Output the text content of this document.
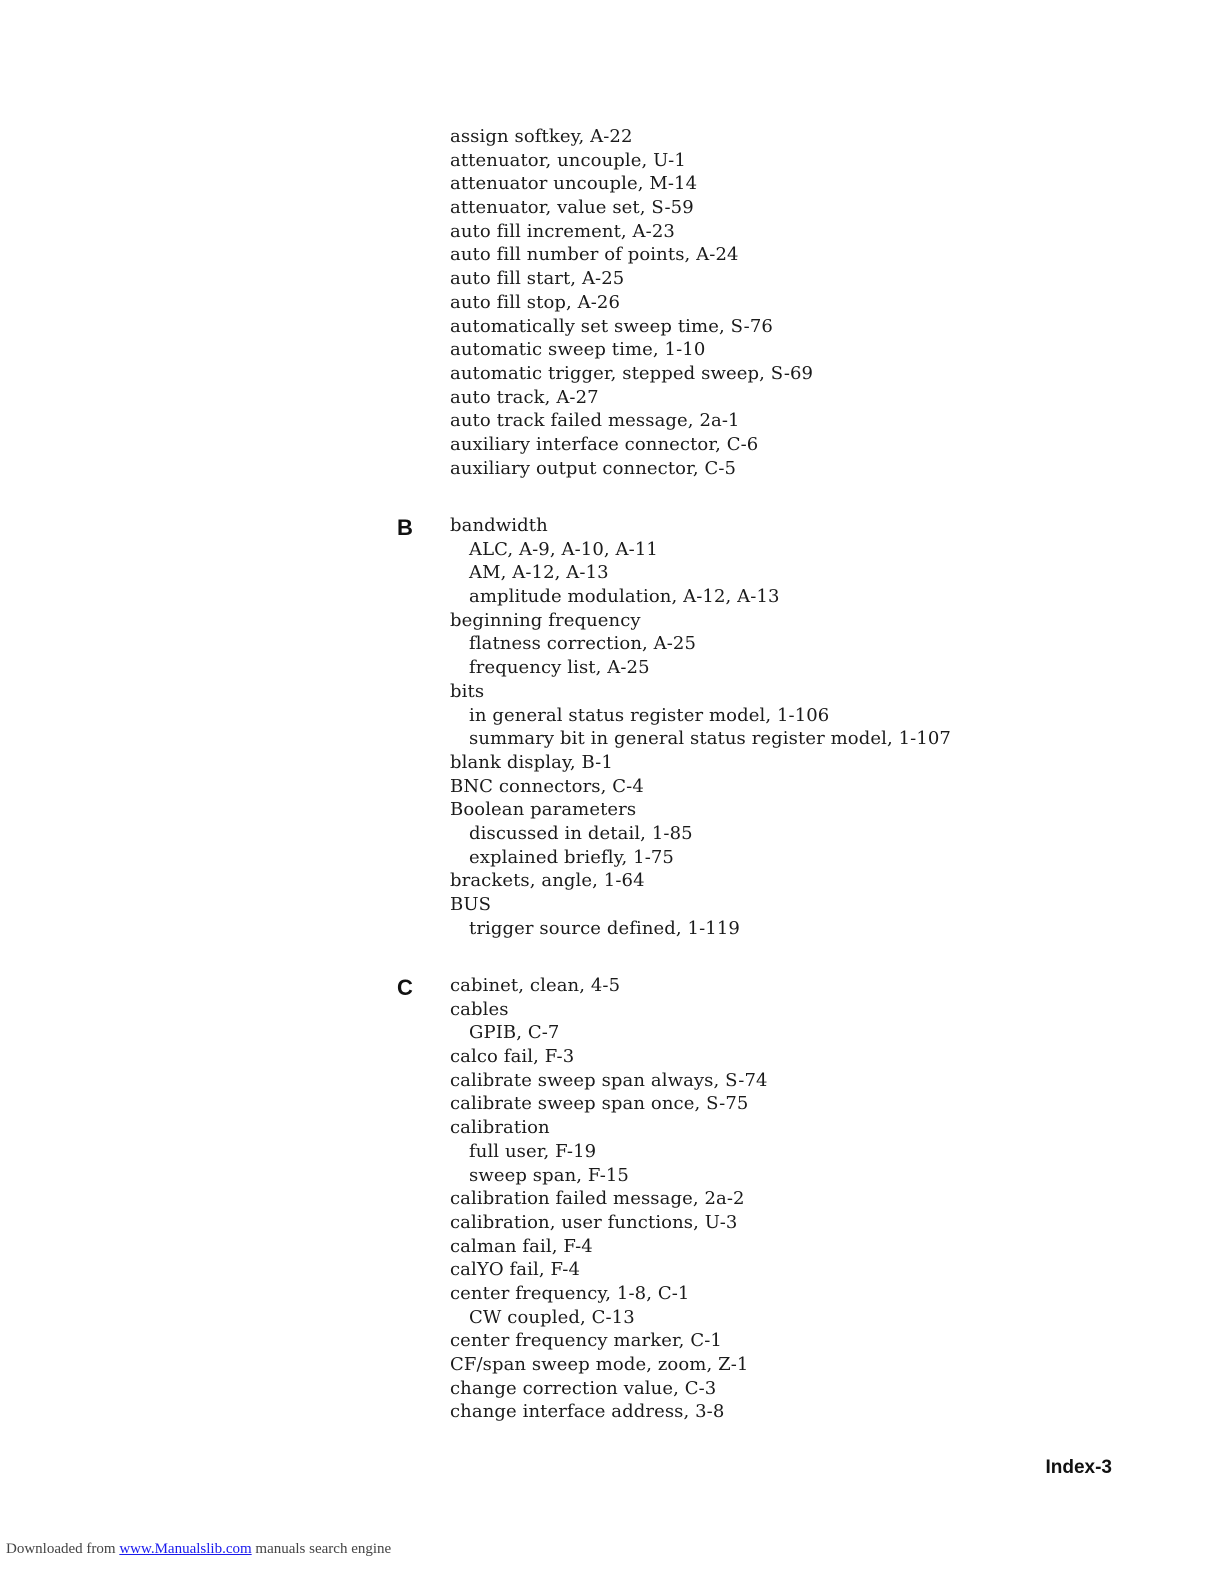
assign softkey, A-22
attenuator, uncouple, U-1
attenuator uncouple, M-14
attenuator, value set, S-59
auto fill increment, A-23
auto fill number of points, A-24
auto fill start, A-25
auto fill stop, A-26
automatically set sweep time, S-76
automatic sweep time, 1-10
automatic trigger, stepped sweep, S-69
auto track, A-27
auto track failed message, 2a-1
auxiliary interface connector, C-6
auxiliary output connector, C-5
B bandwidth
ALC, A-9, A-10, A-11
AM, A-12, A-13
amplitude modulation, A-12, A-13
beginning frequency
flatness correction, A-25
frequency list, A-25
bits
in general status register model, 1-106
summary bit in general status register model, 1-107
blank display, B-1
BNC connectors, C-4
Boolean parameters
discussed in detail, 1-85
explained briefly, 1-75
brackets, angle, 1-64
BUS
trigger source defined, 1-119
C cabinet, clean, 4-5
cables
GPIB, C-7
calco fail, F-3
calibrate sweep span always, S-74
calibrate sweep span once, S-75
calibration
full user, F-19
sweep span, F-15
calibration failed message, 2a-2
calibration, user functions, U-3
calman fail, F-4
calYO fail, F-4
center frequency, 1-8, C-1
CW coupled, C-13
center frequency marker, C-1
CF/span sweep mode, zoom, Z-1
change correction value, C-3
change interface address, 3-8
Index-3
Downloaded from www.Manualslib.com manuals search engine
